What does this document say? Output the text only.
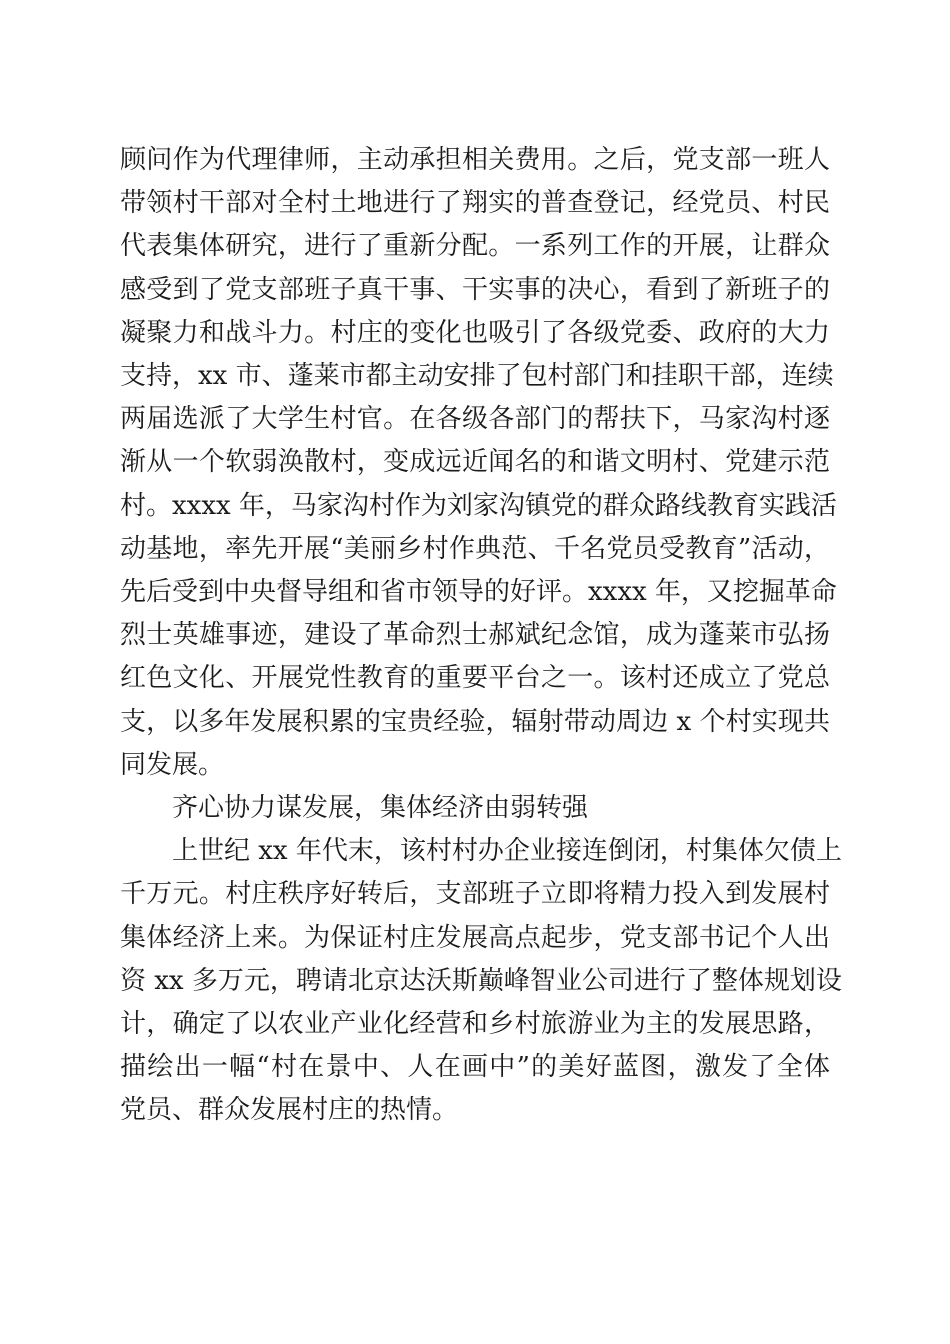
顾问作为代理律师，主动承担相关费用。之后，党支部一班人
带领村干部对全村土地进行了翔实的普查登记，经党员、村民
代表集体研究，进行了重新分配。一系列工作的开展，让群众
感受到了党支部班子真干事、干实事的决心，看到了新班子的
凝聚力和战斗力。村庄的变化也吸引了各级党委、政府的大力
支持，xx 市、蓬莱市都主动安排了包村部门和挂职干部，连续
两届选派了大学生村官。在各级各部门的帮扶下，马家沟村逐
渐从一个软弱涣散村，变成远近闻名的和谐文明村、党建示范
村。xxxx 年，马家沟村作为刘家沟镇党的群众路线教育实践活
动基地，率先开展“美丽乡村作典范、千名党员受教育”活动，
先后受到中央督导组和省市领导的好评。xxxx 年，又挖掘革命
烈士英雄事迹，建设了革命烈士郝斌纪念馆，成为蓬莱市弘扬
红色文化、开展党性教育的重要平台之一。该村还成立了党总
支，以多年发展积累的宝贵经验，辐射带动周边 x 个村实现共
同发展。
齐心协力谋发展，集体经济由弱转强
上世纪 xx 年代末，该村村办企业接连倒闭，村集体欠债上
千万元。村庄秩序好转后，支部班子立即将精力投入到发展村
集体经济上来。为保证村庄发展高点起步，党支部书记个人出
资 xx 多万元，聘请北京达沃斯巅峰智业公司进行了整体规划设
计，确定了以农业产业化经营和乡村旅游业为主的发展思路，
描绘出一幅“村在景中、人在画中”的美好蓝图，激发了全体
党员、群众发展村庄的热情。
